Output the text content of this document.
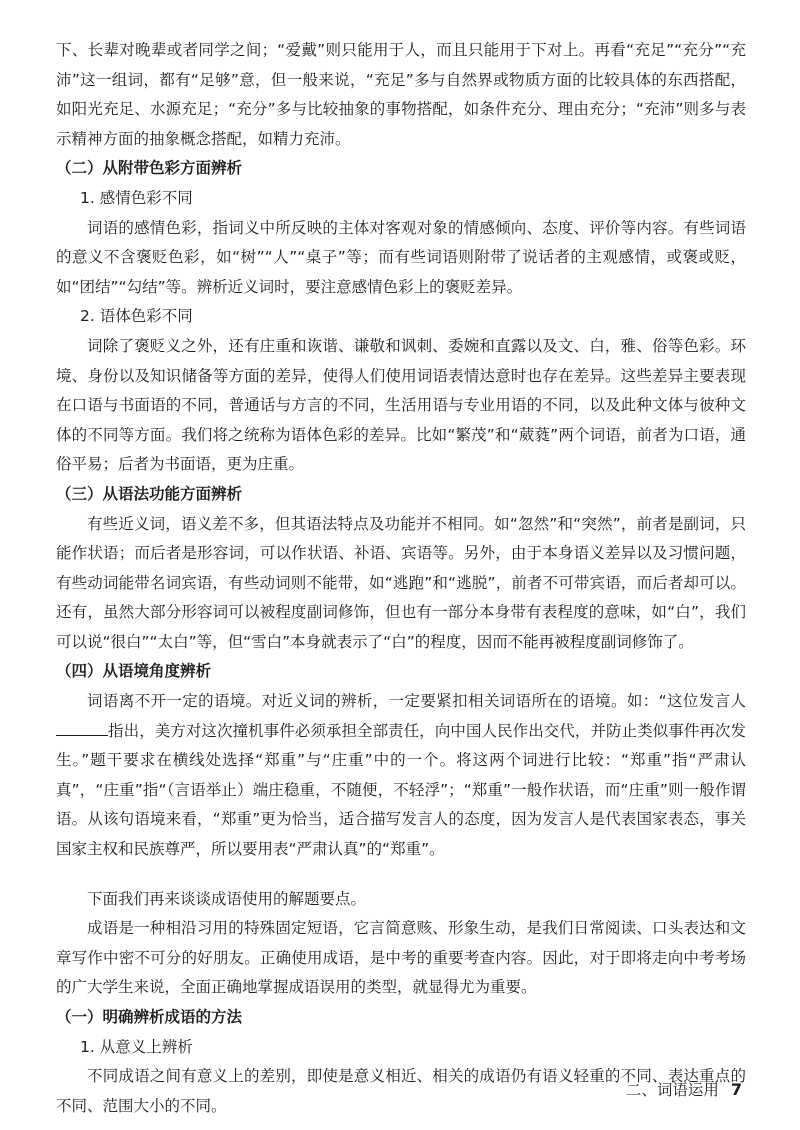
下、长辈对晚辈或者同学之间；“爱戴”则只能用于人，而且只能用于下对上。再看“充足”“充分”“充沛”这一组词，都有“足够”意，但一般来说，“充足”多与自然界或物质方面的比较具体的东西搭配，如阳光充足、水源充足；“充分”多与比较抽象的事物搭配，如条件充分、理由充分；“充沛”则多与表示精神方面的抽象概念搭配，如精力充沛。

（二）从附带色彩方面辨析

1. 感情色彩不同

词语的感情色彩，指词义中所反映的主体对客观对象的情感倾向、态度、评价等内容。有些词语的意义不含褒贬色彩，如“树”“人”“桌子”等；而有些词语则附带了说话者的主观感情，或褒或贬，如“团结”“勾结”等。辨析近义词时，要注意感情色彩上的褒贬差异。

2. 语体色彩不同

词除了褒贬义之外，还有庄重和诙谐、谦敬和讽刺、委婉和直露以及文、白，雅、俗等色彩。环境、身份以及知识储备等方面的差异，使得人们使用词语表情达意时也存在差异。这些差异主要表现在口语与书面语的不同，普通话与方言的不同，生活用语与专业用语的不同，以及此种文体与彼种文体的不同等方面。我们将之统称为语体色彩的差异。比如“繁茂”和“葳蕤”两个词语，前者为口语，通俗平易；后者为书面语，更为庄重。

（三）从语法功能方面辨析

有些近义词，语义差不多，但其语法特点及功能并不相同。如“忽然”和“突然”，前者是副词，只能作状语；而后者是形容词，可以作状语、补语、宾语等。另外，由于本身语义差异以及习惯问题，有些动词能带名词宾语，有些动词则不能带，如“逃跑”和“逃脱”，前者不可带宾语，而后者却可以。还有，虽然大部分形容词可以被程度副词修饰，但也有一部分本身带有表程度的意味，如“白”，我们可以说“很白”“太白”等，但“雪白”本身就表示了“白”的程度，因而不能再被程度副词修饰了。

（四）从语境角度辨析

词语离不开一定的语境。对近义词的辨析，一定要紧扣相关词语所在的语境。如：“这位发言人指出，美方对这次撞机事件必须承担全部责任，向中国人民作出交代，并防止类似事件再次发生。”题干要求在横线处选择“郑重”与“庄重”中的一个。将这两个词进行比较：“郑重”指“严肃认真”，“庄重”指“（言语举止）端庄稳重，不随便，不轻浮”；“郑重”一般作状语，而“庄重”则一般作谓语。从该句语境来看，“郑重”更为恰当，适合描写发言人的态度，因为发言人是代表国家表态，事关国家主权和民族尊严，所以要用表“严肃认真”的“郑重”。

下面我们再来谈谈成语使用的解题要点。

成语是一种相沿习用的特殊固定短语，它言简意赅、形象生动，是我们日常阅读、口头表达和文章写作中密不可分的好朋友。正确使用成语，是中考的重要考查内容。因此，对于即将走向中考考场的广大学生来说，全面正确地掌握成语误用的类型，就显得尤为重要。

（一）明确辨析成语的方法

1. 从意义上辨析

不同成语之间有意义上的差别，即使是意义相近、相关的成语仍有语义轻重的不同、表达重点的不同、范围大小的不同。

二、词语运用 7
